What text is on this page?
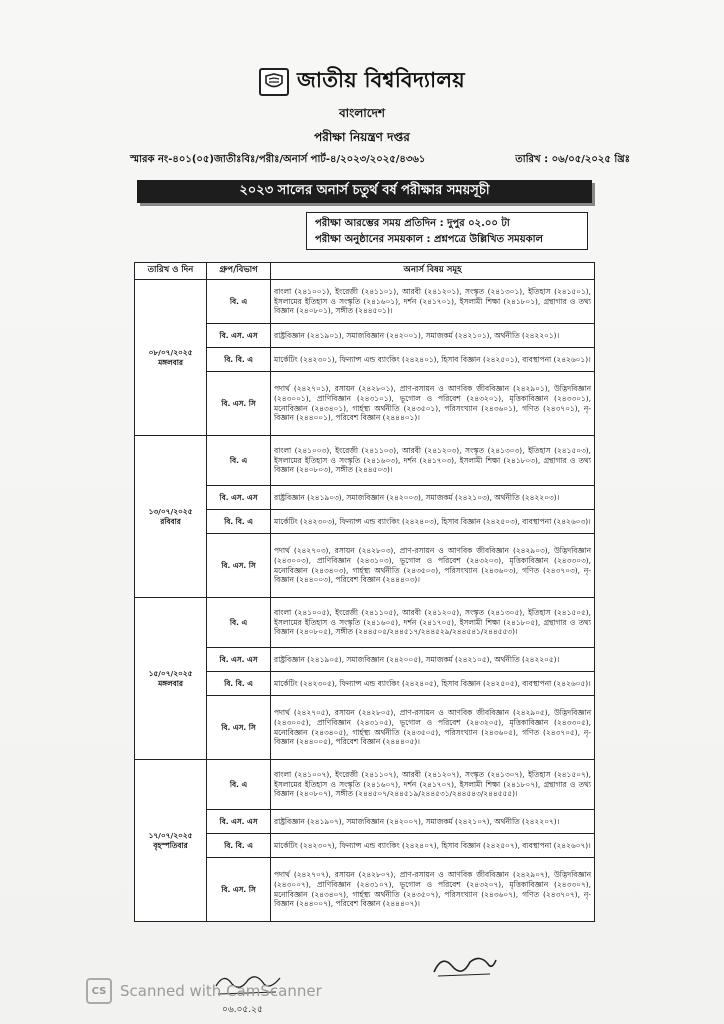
জাতীয় বিশ্ববিদ্যালয়
বাংলাদেশ
পরীক্ষা নিয়ন্ত্রণ দপ্তর
স্মারক নং-৪০১(০৫)জাতীঃবিঃ/পরীঃ/অনার্স পার্ট-৪/২০২৩/২০২৫/৪৩৬১	তারিখ : ০৬/০৫/২০২৫ খ্রিঃ
২০২৩ সালের অনার্স চতুর্থ বর্ষ পরীক্ষার সময়সূচী
পরীক্ষা আরম্ভের সময় প্রতিদিন : দুপুর ০২.০০ টা
পরীক্ষা অনুষ্ঠানের সময়কাল : প্রশ্নপত্রে উল্লিখিত সময়কাল
তারিখ ও দিন	গ্রুপ/বিভাগ	অনার্স বিষয় সমূহ

০৮/০৭/২০২৫
মঙ্গলবার	বি. এ	বাংলা (২৪১০০১), ইংরেজী (২৪১১০১), আরবী (২৪১২০১), সংস্কৃত (২৪১৩০১), ইতিহাস (২৪১৫০১), ইসলামের ইতিহাস ও সংস্কৃতি (২৪১৬০১), দর্শন (২৪১৭০১), ইসলামী শিক্ষা (২৪১৮০১), গ্রন্থাগার ও তথ্য বিজ্ঞান (২৪০৮০১), সঙ্গীত (২৪৪৫০১)।
	বি. এস. এস	রাষ্ট্রবিজ্ঞান (২৪১৯০১), সমাজবিজ্ঞান (২৪২০০১), সমাজকর্ম (২৪২১০১), অর্থনীতি (২৪২২০১)।
	বি. বি. এ	মার্কেটিং (২৪২৩০১), ফিন্যান্স এন্ড ব্যাংকিং (২৪২৪০১), হিসাব বিজ্ঞান (২৪২৫০১), ব্যবস্থাপনা (২৪২৬০১)।
	বি. এস. সি	পদার্থ (২৪২৭০১), রসায়ন (২৪২৮০১), প্রাণ-রসায়ন ও আণবিক জীববিজ্ঞান (২৪২৯০১), উদ্ভিদবিজ্ঞান (২৪৩০০১), প্রাণিবিজ্ঞান (২৪৩১০১), ভূগোল ও পরিবেশ (২৪৩২০১), মৃত্তিকাবিজ্ঞান (২৪৩৩০১), মনোবিজ্ঞান (২৪৩৪০১), গার্হস্থ্য অর্থনীতি (২৪৩৫০১), পরিসংখ্যান (২৪৩৬০১), গণিত (২৪৩৭০১), নৃ-বিজ্ঞান (২৪৪০০১), পরিবেশ বিজ্ঞান (২৪৪৪০১)।

১৩/০৭/২০২৫
রবিবার	বি. এ	বাংলা (২৪১০০৩), ইংরেজী (২৪১১০৩), আরবী (২৪১২০৩), সংস্কৃত (২৪১৩০৩), ইতিহাস (২৪১৫০৩), ইসলামের ইতিহাস ও সংস্কৃতি (২৪১৬০৩), দর্শন (২৪১৭০৩), ইসলামী শিক্ষা (২৪১৮০৩), গ্রন্থাগার ও তথ্য বিজ্ঞান (২৪০৮০৩), সঙ্গীত (২৪৪৫০৩)।
	বি. এস. এস	রাষ্ট্রবিজ্ঞান (২৪১৯০৩), সমাজবিজ্ঞান (২৪২০০৩), সমাজকর্ম (২৪২১০৩), অর্থনীতি (২৪২২০৩)।
	বি. বি. এ	মার্কেটিং (২৪২৩০৩), ফিন্যান্স এন্ড ব্যাংকিং (২৪২৪০৩), হিসাব বিজ্ঞান (২৪২৫০৩), ব্যবস্থাপনা (২৪২৬০৩)।
	বি. এস. সি	পদার্থ (২৪২৭০৩), রসায়ন (২৪২৮০৩), প্রাণ-রসায়ন ও আণবিক জীববিজ্ঞান (২৪২৯০৩), উদ্ভিদবিজ্ঞান (২৪৩০০৩), প্রাণিবিজ্ঞান (২৪৩১০৩), ভূগোল ও পরিবেশ (২৪৩২০৩), মৃত্তিকাবিজ্ঞান (২৪৩৩০৩), মনোবিজ্ঞান (২৪৩৪০৩), গার্হস্থ্য অর্থনীতি (২৪৩৫০৩), পরিসংখ্যান (২৪৩৬০৩), গণিত (২৪৩৭০৩), নৃ-বিজ্ঞান (২৪৪০০৩), পরিবেশ বিজ্ঞান (২৪৪৪০৩)।

১৫/০৭/২০২৫
মঙ্গলবার	বি. এ	বাংলা (২৪১০০৫), ইংরেজী (২৪১১০৫), আরবী (২৪১২০৫), সংস্কৃত (২৪১৩০৫), ইতিহাস (২৪১৫০৫), ইসলামের ইতিহাস ও সংস্কৃতি (২৪১৬০৫), দর্শন (২৪১৭০৫), ইসলামী শিক্ষা (২৪১৮০৫), গ্রন্থাগার ও তথ্য বিজ্ঞান (২৪০৮০৫), সঙ্গীত (২৪৪৫০৫/২৪৪৫১৭/২৪৪৫২৯/২৪৪৫৪১/২৪৪৫৫৩)।
	বি. এস. এস	রাষ্ট্রবিজ্ঞান (২৪১৯০৫), সমাজবিজ্ঞান (২৪২০০৫), সমাজকর্ম (২৪২১০৫), অর্থনীতি (২৪২২০৫)।
	বি. বি. এ	মার্কেটিং (২৪২৩০৫), ফিন্যান্স এন্ড ব্যাংকিং (২৪২৪০৫), হিসাব বিজ্ঞান (২৪২৫০৫), ব্যবস্থাপনা (২৪২৬০৫)।
	বি. এস. সি	পদার্থ (২৪২৭০৫), রসায়ন (২৪২৮০৫), প্রাণ-রসায়ন ও আণবিক জীববিজ্ঞান (২৪২৯০৫), উদ্ভিদবিজ্ঞান (২৪৩০০৫), প্রাণিবিজ্ঞান (২৪৩১০৫), ভূগোল ও পরিবেশ (২৪৩২০৫), মৃত্তিকাবিজ্ঞান (২৪৩৩০৫), মনোবিজ্ঞান (২৪৩৪০৫), গার্হস্থ্য অর্থনীতি (২৪৩৫০৫), পরিসংখ্যান (২৪৩৬০৫), গণিত (২৪৩৭০৫), নৃ-বিজ্ঞান (২৪৪০০৫), পরিবেশ বিজ্ঞান (২৪৪৪০৫)।

১৭/০৭/২০২৫
বৃহস্পতিবার	বি. এ	বাংলা (২৪১০০৭), ইংরেজী (২৪১১০৭), আরবী (২৪১২০৭), সংস্কৃত (২৪১৩০৭), ইতিহাস (২৪১৫০৭), ইসলামের ইতিহাস ও সংস্কৃতি (২৪১৬০৭), দর্শন (২৪১৭০৭), ইসলামী শিক্ষা (২৪১৮০৭), গ্রন্থাগার ও তথ্য বিজ্ঞান (২৪০৮০৭), সঙ্গীত (২৪৪৫০৭/২৪৪৫১৯/২৪৪৫৩১/২৪৪৫৪৩/২৪৪৫৫৫)।
	বি. এস. এস	রাষ্ট্রবিজ্ঞান (২৪১৯০৭), সমাজবিজ্ঞান (২৪২০০৭), সমাজকর্ম (২৪২১০৭), অর্থনীতি (২৪২২০৭)।
	বি. বি. এ	মার্কেটিং (২৪২৩০৭), ফিন্যান্স এন্ড ব্যাংকিং (২৪২৪০৭), হিসাব বিজ্ঞান (২৪২৫০৭), ব্যবস্থাপনা (২৪২৬০৭)।
	বি. এস. সি	পদার্থ (২৪২৭০৭), রসায়ন (২৪২৮০৭), প্রাণ-রসায়ন ও আণবিক জীববিজ্ঞান (২৪২৯০৭), উদ্ভিদবিজ্ঞান (২৪৩০০৭), প্রাণিবিজ্ঞান (২৪৩১০৭), ভূগোল ও পরিবেশ (২৪৩২০৭), মৃত্তিকাবিজ্ঞান (২৪৩৩০৭), মনোবিজ্ঞান (২৪৩৪০৭), গার্হস্থ্য অর্থনীতি (২৪৩৫০৭), পরিসংখ্যান (২৪৩৬০৭), গণিত (২৪৩৭০৭), নৃ-বিজ্ঞান (২৪৪০০৭), পরিবেশ বিজ্ঞান (২৪৪৪০৭)।
০৬.০৫.২৫
CS Scanned with CamScanner
